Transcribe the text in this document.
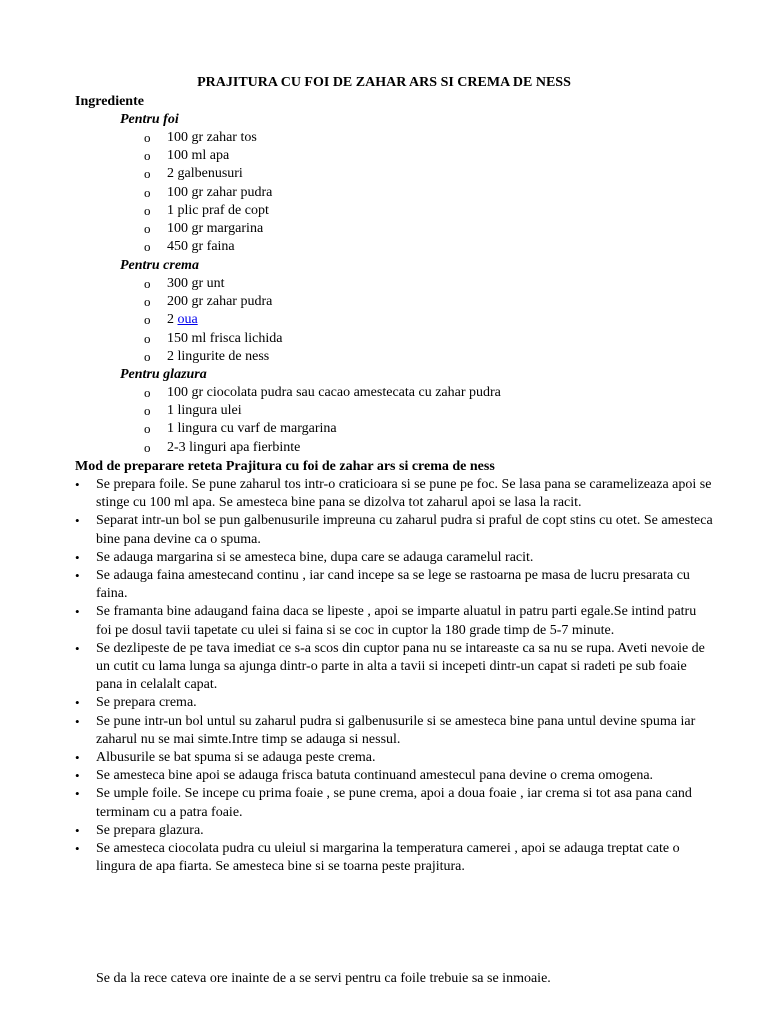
PRAJITURA CU FOI DE ZAHAR ARS SI CREMA DE NESS
Ingrediente
Pentru foi
o	100 gr zahar tos
o	100 ml apa
o	2 galbenusuri
o	100 gr zahar pudra
o	1 plic praf de copt
o	100 gr margarina
o	450 gr faina
Pentru crema
o	300 gr unt
o	200 gr zahar pudra
o	2 oua
o	150 ml frisca lichida
o	2 lingurite de ness
Pentru glazura
o	100 gr ciocolata pudra sau cacao amestecata cu zahar pudra
o	1 lingura ulei
o	1 lingura cu varf de margarina
o	2-3 linguri apa fierbinte
Mod de preparare reteta Prajitura cu foi de zahar ars si crema de ness
•	Se prepara foile. Se pune zaharul tos intr-o craticioara si se pune pe foc. Se lasa pana se caramelizeaza apoi se stinge cu 100 ml apa. Se amesteca bine pana se dizolva tot zaharul apoi se lasa la racit.
•	Separat intr-un bol se pun galbenusurile impreuna cu zaharul pudra si praful de copt stins cu otet. Se amesteca bine pana devine ca o spuma.
•	Se adauga margarina si se amesteca bine, dupa care se adauga caramelul racit.
•	Se adauga faina amestecand continu , iar cand incepe sa se lege se rastoarna pe masa de lucru presarata cu faina.
•	Se framanta bine adaugand faina daca se lipeste , apoi se imparte aluatul in patru parti egale.Se intind patru foi pe dosul tavii tapetate cu ulei si faina si se coc in cuptor la 180 grade timp de 5-7 minute.
•	Se dezlipeste de pe tava imediat ce s-a scos din cuptor pana nu se intareaste ca sa nu se rupa. Aveti nevoie de un cutit cu lama lunga sa ajunga dintr-o parte in alta a tavii si incepeti dintr-un capat si radeti pe sub foaie pana in celalalt capat.
•	Se prepara crema.
•	Se pune intr-un bol untul su zaharul pudra si galbenusurile si se amesteca bine pana untul devine spuma iar zaharul nu se mai simte.Intre timp se adauga si nessul.
•	Albusurile se bat spuma si se adauga peste crema.
•	Se amesteca bine apoi se adauga frisca batuta continuand amestecul pana devine o crema omogena.
•	Se umple foile. Se incepe cu prima foaie , se pune crema, apoi a doua foaie , iar crema si tot asa pana cand terminam cu a patra foaie.
•	Se prepara glazura.
•	Se amesteca ciocolata pudra cu uleiul si margarina la temperatura camerei , apoi se adauga treptat cate o lingura de apa fiarta. Se amesteca bine si se toarna peste prajitura.
Se da la rece cateva ore inainte de a se servi pentru ca foile trebuie sa se inmoaie.
